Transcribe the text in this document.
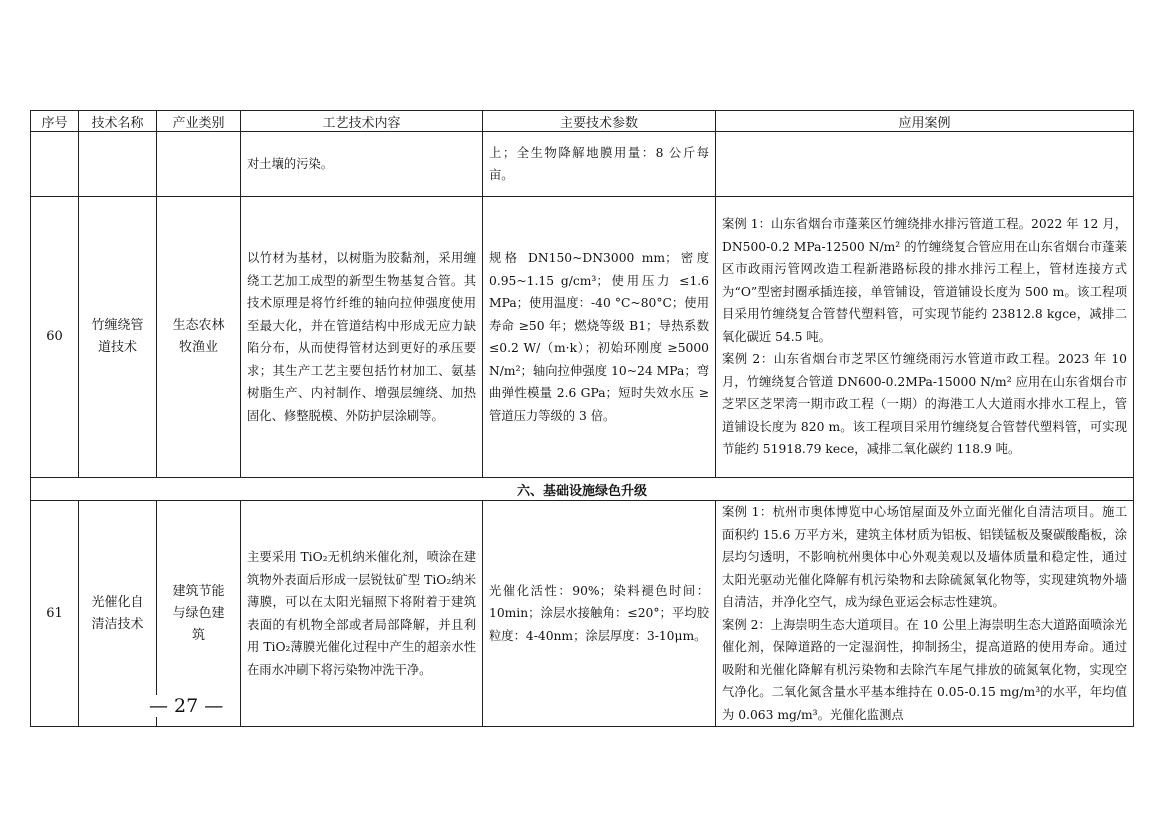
序号	技术名称	产业类别	工艺技术内容	主要技术参数	应用案例
			对土壤的污染。	上；全生物降解地膜用量：8 公斤每亩。	
60	竹缠绕管道技术	生态农林牧渔业	以竹材为基材，以树脂为胶黏剂，采用缠绕工艺加工成型的新型生物基复合管。其技术原理是将竹纤维的轴向拉伸强度使用至最大化，并在管道结构中形成无应力缺陷分布，从而使得管材达到更好的承压要求；其生产工艺主要包括竹材加工、氨基树脂生产、内衬制作、增强层缠绕、加热固化、修整脱模、外防护层涂刷等。	规格 DN150~DN3000 mm；密度 0.95~1.15 g/cm³；使用压力 ≤1.6 MPa；使用温度：-40 °C~80°C；使用寿命 ≥50 年；燃烧等级 B1；导热系数≤0.2 W/（m·k）；初始环刚度 ≥5000 N/m²；轴向拉伸强度 10~24 MPa；弯曲弹性模量 2.6 GPa；短时失效水压 ≥管道压力等级的 3 倍。	案例 1：山东省烟台市蓬莱区竹缠绕排水排污管道工程。2022 年 12 月，DN500-0.2 MPa-12500 N/m² 的竹缠绕复合管应用在山东省烟台市蓬莱区市政雨污管网改造工程新港路标段的排水排污工程上，管材连接方式为“O”型密封圈承插连接，单管铺设，管道铺设长度为 500 m。该工程项目采用竹缠绕复合管替代塑料管，可实现节能约 23812.8 kgce，减排二氧化碳近 54.5 吨。
案例 2：山东省烟台市芝罘区竹缠绕雨污水管道市政工程。2023 年 10 月，竹缠绕复合管道 DN600-0.2MPa-15000 N/m² 应用在山东省烟台市芝罘区芝罘湾一期市政工程（一期）的海港工人大道雨水排水工程上，管道铺设长度为 820 m。该工程项目采用竹缠绕复合管替代塑料管，可实现节能约 51918.79 kece，减排二氧化碳约 118.9 吨。

六、基础设施绿色升级					
61	光催化自清洁技术	建筑节能与绿色建筑	主要采用 TiO₂无机纳米催化剂，喷涂在建筑物外表面后形成一层锐钛矿型 TiO₂纳米薄膜，可以在太阳光辐照下将附着于建筑表面的有机物全部或者局部降解，并且利用 TiO₂薄膜光催化过程中产生的超亲水性在雨水冲刷下将污染物冲洗干净。	光催化活性：90%；染料褪色时间：10min；涂层水接触角：≤20°；平均胶粒度：4-40nm；涂层厚度：3-10μm。	案例 1：杭州市奥体博览中心场馆屋面及外立面光催化自清洁项目。施工面积约 15.6 万平方米，建筑主体材质为铝板、铝镁锰板及聚碳酸酯板，涂层均匀透明，不影响杭州奥体中心外观美观以及墙体质量和稳定性，通过太阳光驱动光催化降解有机污染物和去除硫氮氧化物等，实现建筑物外墙自清洁，并净化空气，成为绿色亚运会标志性建筑。
案例 2：上海崇明生态大道项目。在 10 公里上海崇明生态大道路面喷涂光催化剂，保障道路的一定湿润性，抑制扬尘，提高道路的使用寿命。通过吸附和光催化降解有机污染物和去除汽车尾气排放的硫氮氧化物，实现空气净化。二氧化氮含量水平基本维持在 0.05-0.15 mg/m³的水平，年均值为 0.063 mg/m³。光催化监测点
— 27 —
